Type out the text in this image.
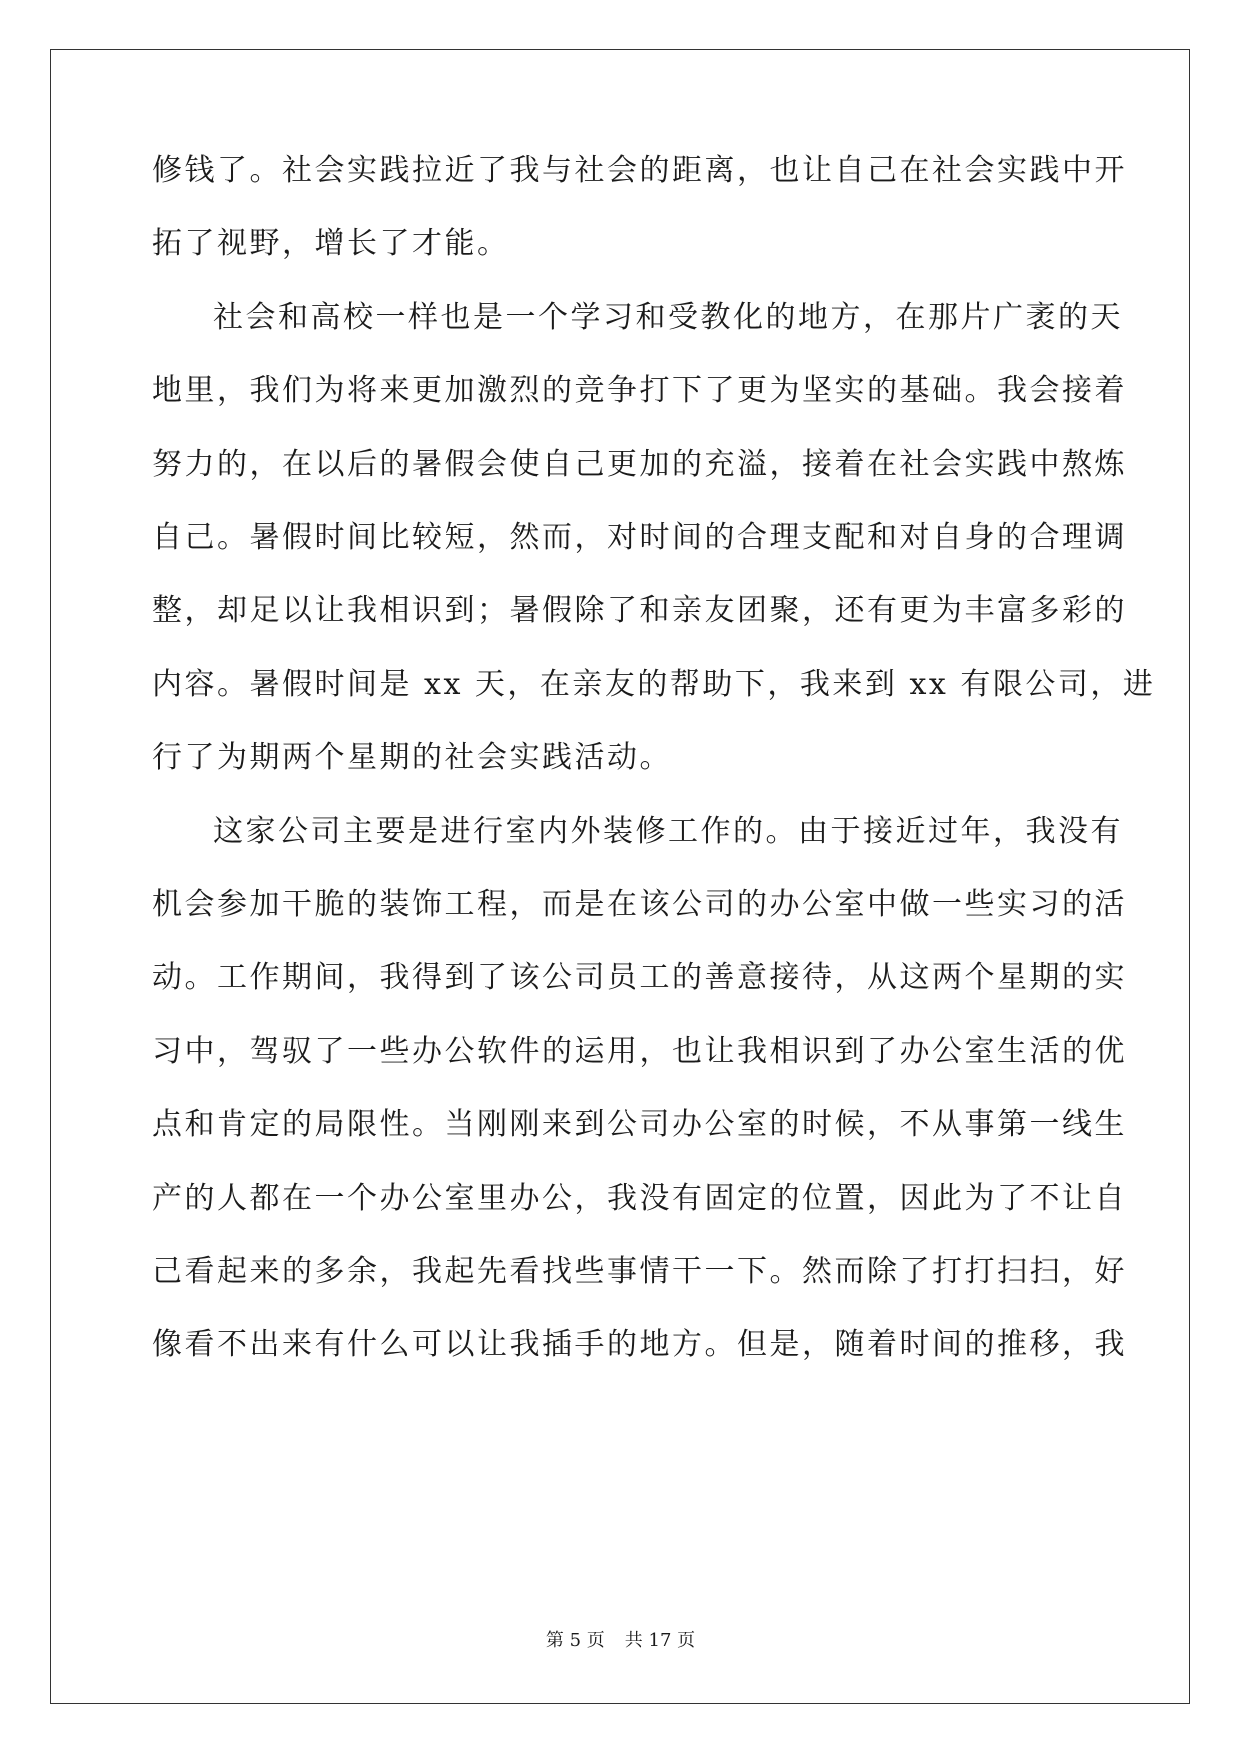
修钱了。社会实践拉近了我与社会的距离，也让自己在社会实践中开
拓了视野，增长了才能。
社会和高校一样也是一个学习和受教化的地方，在那片广袤的天
地里，我们为将来更加激烈的竞争打下了更为坚实的基础。我会接着
努力的，在以后的暑假会使自己更加的充溢，接着在社会实践中熬炼
自己。暑假时间比较短，然而，对时间的合理支配和对自身的合理调
整，却足以让我相识到；暑假除了和亲友团聚，还有更为丰富多彩的
内容。暑假时间是 xx 天，在亲友的帮助下，我来到 xx 有限公司，进
行了为期两个星期的社会实践活动。
这家公司主要是进行室内外装修工作的。由于接近过年，我没有
机会参加干脆的装饰工程，而是在该公司的办公室中做一些实习的活
动。工作期间，我得到了该公司员工的善意接待，从这两个星期的实
习中，驾驭了一些办公软件的运用，也让我相识到了办公室生活的优
点和肯定的局限性。当刚刚来到公司办公室的时候，不从事第一线生
产的人都在一个办公室里办公，我没有固定的位置，因此为了不让自
己看起来的多余，我起先看找些事情干一下。然而除了打打扫扫，好
像看不出来有什么可以让我插手的地方。但是，随着时间的推移，我
第 5 页 共 17 页
